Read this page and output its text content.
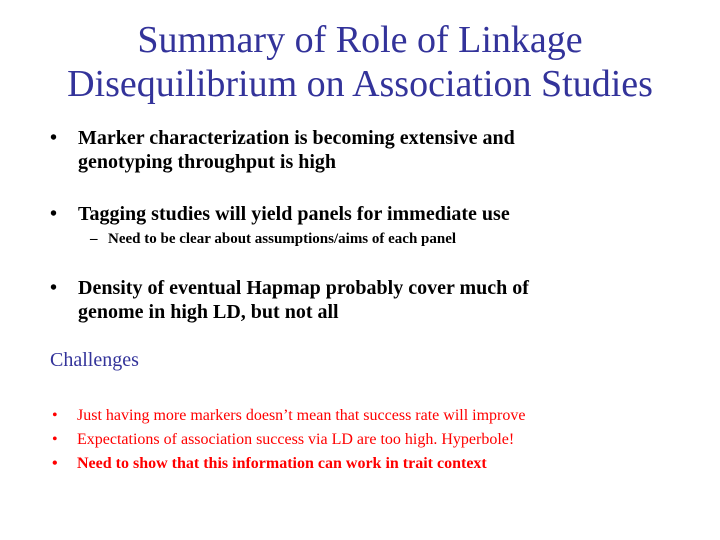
Summary of Role of Linkage
Disequilibrium on Association Studies
• Marker characterization is becoming extensive and
genotyping throughput is high
• Tagging studies will yield panels for immediate use
– Need to be clear about assumptions/aims of each panel
• Density of eventual Hapmap probably cover much of
genome in high LD, but not all
Challenges
• Just having more markers doesn’t mean that success rate will improve
• Expectations of association success via LD are too high. Hyperbole!
• Need to show that this information can work in trait context
